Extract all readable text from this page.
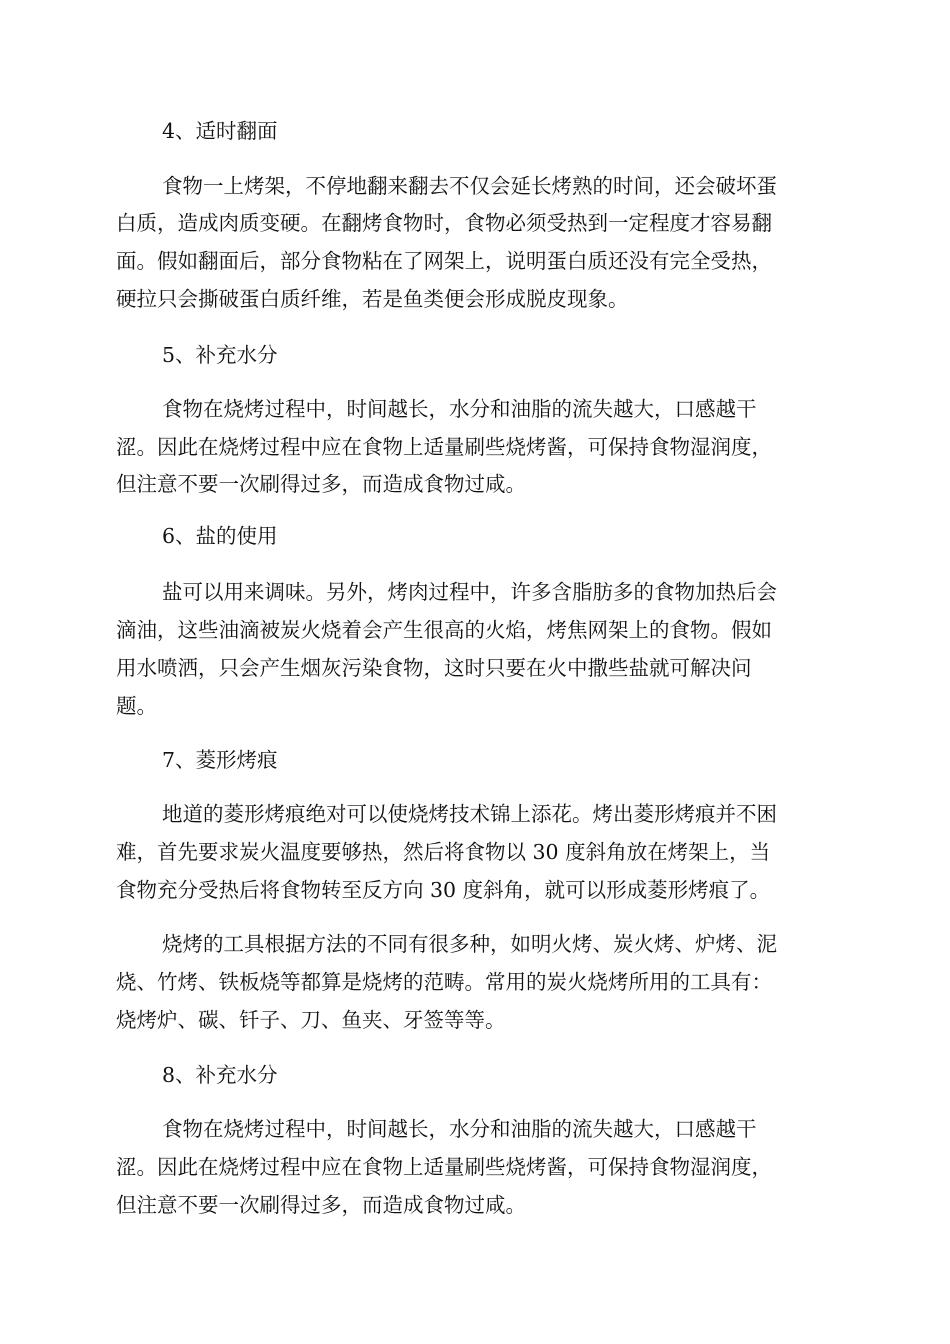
4、适时翻面

食物一上烤架，不停地翻来翻去不仅会延长烤熟的时间，还会破坏蛋

白质，造成肉质变硬。在翻烤食物时，食物必须受热到一定程度才容易翻

面。假如翻面后，部分食物粘在了网架上，说明蛋白质还没有完全受热，

硬拉只会撕破蛋白质纤维，若是鱼类便会形成脱皮现象。

5、补充水分

食物在烧烤过程中，时间越长，水分和油脂的流失越大，口感越干

涩。因此在烧烤过程中应在食物上适量刷些烧烤酱，可保持食物湿润度，

但注意不要一次刷得过多，而造成食物过咸。

6、盐的使用

盐可以用来调味。另外，烤肉过程中，许多含脂肪多的食物加热后会

滴油，这些油滴被炭火烧着会产生很高的火焰，烤焦网架上的食物。假如

用水喷洒，只会产生烟灰污染食物，这时只要在火中撒些盐就可解决问

题。

7、菱形烤痕

地道的菱形烤痕绝对可以使烧烤技术锦上添花。烤出菱形烤痕并不困

难，首先要求炭火温度要够热，然后将食物以 30 度斜角放在烤架上，当

食物充分受热后将食物转至反方向 30 度斜角，就可以形成菱形烤痕了。

烧烤的工具根据方法的不同有很多种，如明火烤、炭火烤、炉烤、泥

烧、竹烤、铁板烧等都算是烧烤的范畴。常用的炭火烧烤所用的工具有：

烧烤炉、碳、钎子、刀、鱼夹、牙签等等。

8、补充水分

食物在烧烤过程中，时间越长，水分和油脂的流失越大，口感越干

涩。因此在烧烤过程中应在食物上适量刷些烧烤酱，可保持食物湿润度，

但注意不要一次刷得过多，而造成食物过咸。
